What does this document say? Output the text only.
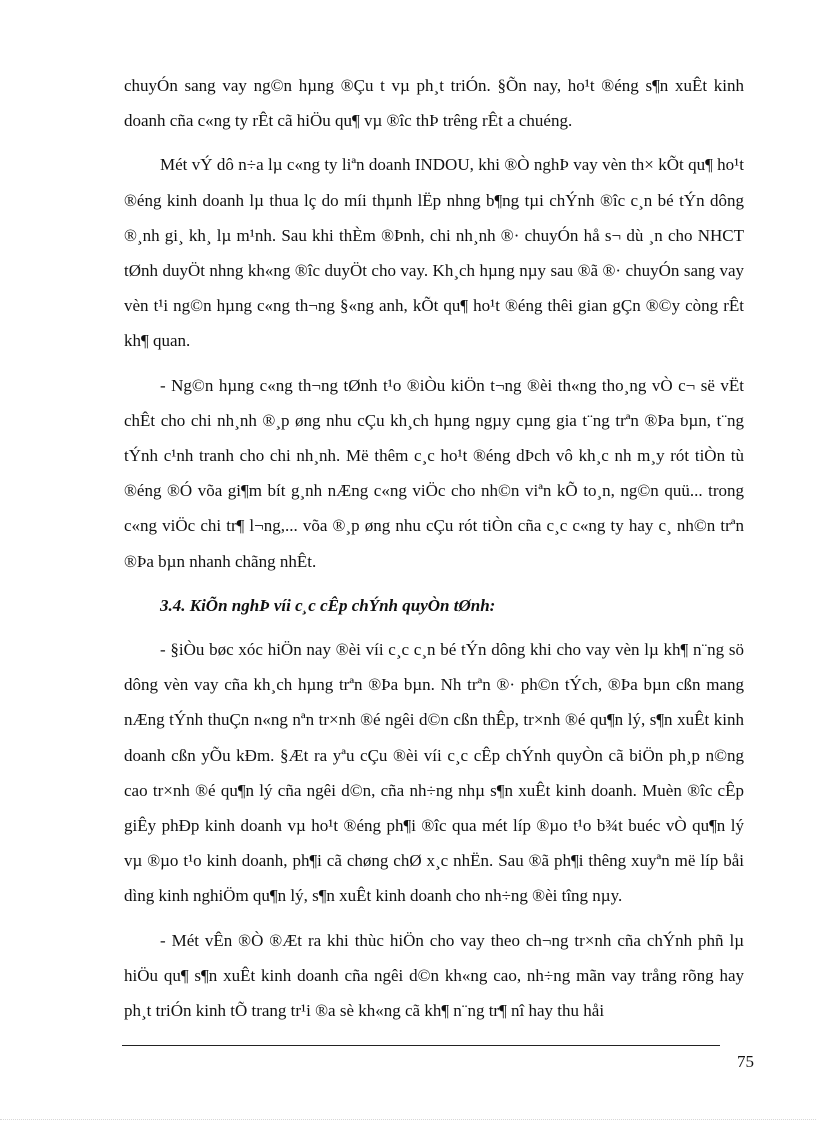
chuyÓn sang vay ng©n hµng ®Çu t vµ ph¸t triÓn. §Õn nay, ho¹t ®éng s¶n xuÊt kinh doanh cña c«ng ty rÊt cã hiÖu qu¶ vµ ®îc thÞ trêng rÊt a chuéng.

Mét vÝ dô n÷a lµ c«ng ty liªn doanh INDOU, khi ®Ò nghÞ vay vèn th× kÕt qu¶ ho¹t ®éng kinh doanh lµ thua lç do míi thµnh lËp nhng b¶ng tµi chÝnh ®îc c¸n bé tÝn dông ®¸nh gi¸ kh¸ lµ m¹nh. Sau khi thÈm ®Þnh, chi nh¸nh ®· chuyÓn hå s¬ dù ¸n cho NHCT tØnh duyÖt nhng kh«ng ®îc duyÖt cho vay. Kh¸ch hµng nµy sau ®ã ®· chuyÓn sang vay vèn t¹i ng©n hµng c«ng th¬ng §«ng anh, kÕt qu¶ ho¹t ®éng thêi gian gÇn ®©y còng rÊt kh¶ quan.

- Ng©n hµng c«ng th¬ng tØnh t¹o ®iÒu kiÖn t¬ng ®èi th«ng tho¸ng vÒ c¬ së vËt chÊt cho chi nh¸nh ®¸p øng nhu cÇu kh¸ch hµng ngµy cµng gia t¨ng trªn ®Þa bµn, t¨ng tÝnh c¹nh tranh cho chi nh¸nh. Më thêm c¸c ho¹t ®éng dÞch vô kh¸c nh m¸y rót tiÒn tù ®éng ®Ó võa gi¶m bít g¸nh nÆng c«ng viÖc cho nh©n viªn kÕ to¸n, ng©n quü... trong c«ng viÖc chi tr¶ l¬ng,... võa ®¸p øng nhu cÇu rót tiÒn cña c¸c c«ng ty hay c¸ nh©n trªn ®Þa bµn nhanh chãng nhÊt.

3.4. KiÕn nghÞ víi c¸c cÊp chÝnh quyÒn tØnh:

- §iÒu bøc xóc hiÖn nay ®èi víi c¸c c¸n bé tÝn dông khi cho vay vèn lµ kh¶ n¨ng sö dông vèn vay cña kh¸ch hµng trªn ®Þa bµn. Nh trªn ®· ph©n tÝch, ®Þa bµn cßn mang nÆng tÝnh thuÇn n«ng nªn tr×nh ®é ngêi d©n cßn thÊp, tr×nh ®é qu¶n lý, s¶n xuÊt kinh doanh cßn yÕu kÐm. §Æt ra yªu cÇu ®èi víi c¸c cÊp chÝnh quyÒn cã biÖn ph¸p n©ng cao tr×nh ®é qu¶n lý cña ngêi d©n, cña nh÷ng nhµ s¶n xuÊt kinh doanh. Muèn ®îc cÊp giÊy phÐp kinh doanh vµ ho¹t ®éng ph¶i ®îc qua mét líp ®µo t¹o b¾t buéc vÒ qu¶n lý vµ ®µo t¹o kinh doanh, ph¶i cã chøng chØ x¸c nhËn. Sau ®ã ph¶i thêng xuyªn më líp båi dìng kinh nghiÖm qu¶n lý, s¶n xuÊt kinh doanh cho nh÷ng ®èi tîng nµy.

- Mét vÊn ®Ò ®Æt ra khi thùc hiÖn cho vay theo ch¬ng tr×nh cña chÝnh phñ lµ hiÖu qu¶ s¶n xuÊt kinh doanh cña ngêi d©n kh«ng cao, nh÷ng mãn vay trång rõng hay ph¸t triÓn kinh tÕ trang tr¹i ®a sè kh«ng cã kh¶ n¨ng tr¶ nî hay thu håi

75
